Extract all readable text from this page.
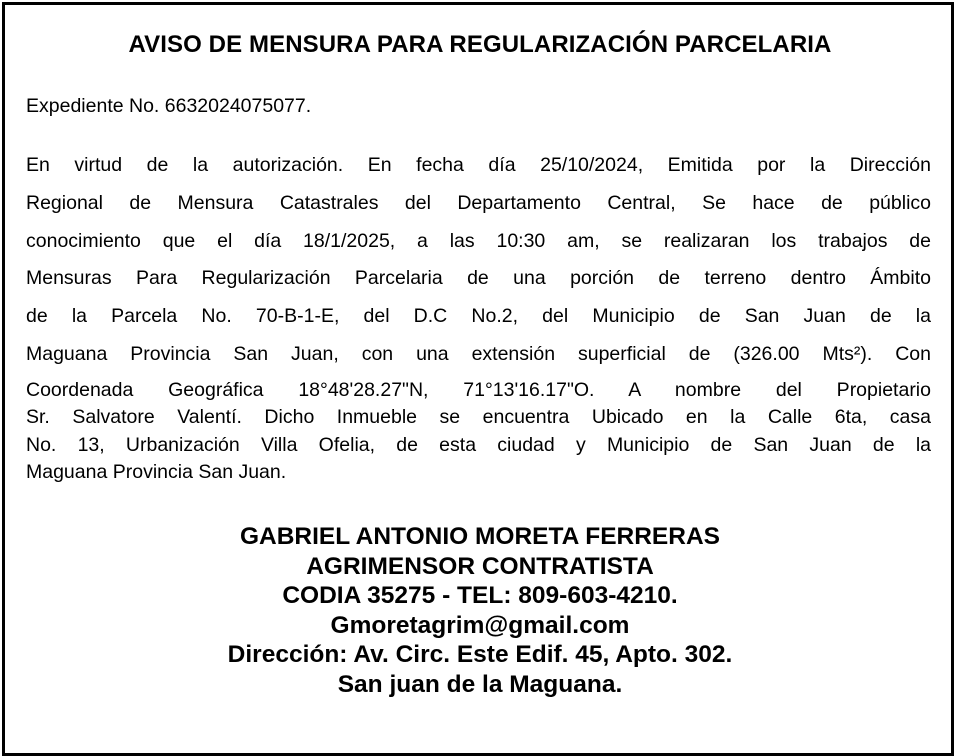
AVISO DE MENSURA PARA REGULARIZACIÓN PARCELARIA
Expediente No. 6632024075077.
En virtud de la autorización. En fecha día 25/10/2024, Emitida por la Dirección
Regional de Mensura Catastrales del Departamento Central, Se hace de público
conocimiento que el día 18/1/2025, a las 10:30 am, se realizaran los trabajos de
Mensuras Para Regularización Parcelaria de una porción de terreno dentro Ámbito
de la Parcela No. 70-B-1-E, del D.C No.2, del Municipio de San Juan de la
Maguana Provincia San Juan, con una extensión superficial de (326.00 Mts²). Con
Coordenada Geográfica 18°48'28.27"N, 71°13'16.17"O. A nombre del Propietario
Sr. Salvatore Valentí. Dicho Inmueble se encuentra Ubicado en la Calle 6ta, casa
No. 13, Urbanización Villa Ofelia, de esta ciudad y Municipio de San Juan de la
Maguana Provincia San Juan.
GABRIEL ANTONIO MORETA FERRERAS
AGRIMENSOR CONTRATISTA
CODIA 35275 - TEL: 809-603-4210.
Gmoretagrim@gmail.com
Dirección: Av. Circ. Este Edif. 45, Apto. 302.
San juan de la Maguana.
